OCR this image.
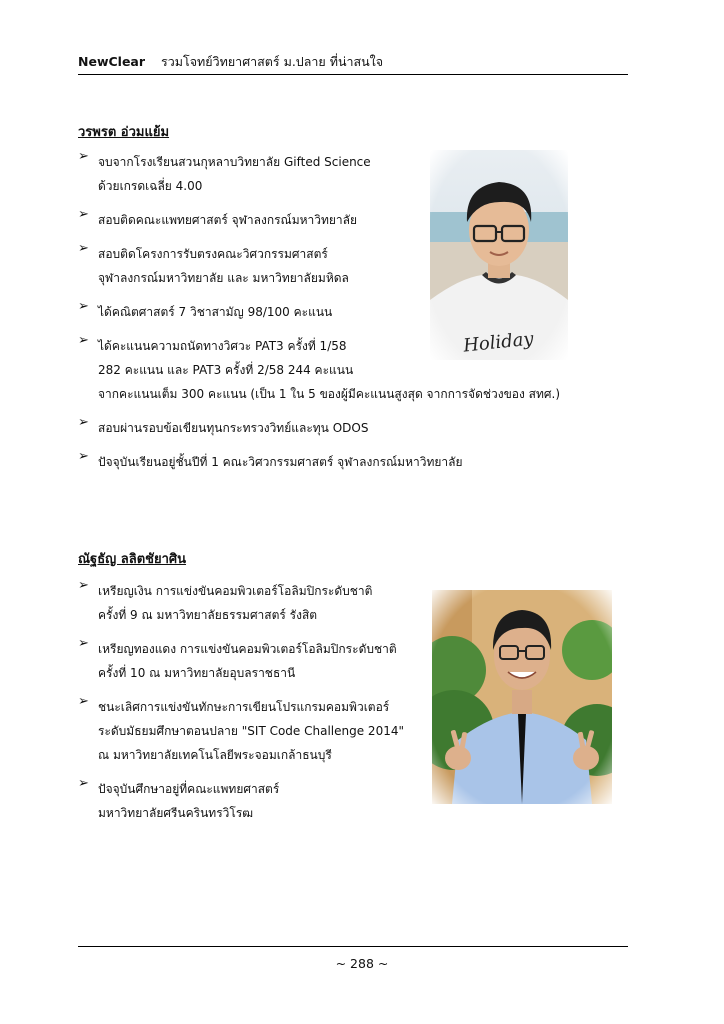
NewClear รวมโจทย์วิทยาศาสตร์ ม.ปลาย ที่น่าสนใจ
วรพรต อ่วมแย้ม
➢ จบจากโรงเรียนสวนกุหลาบวิทยาลัย Gifted Science
ด้วยเกรดเฉลี่ย 4.00
➢ สอบติดคณะแพทยศาสตร์ จุฬาลงกรณ์มหาวิทยาลัย
➢ สอบติดโครงการรับตรงคณะวิศวกรรมศาสตร์
จุฬาลงกรณ์มหาวิทยาลัย และ มหาวิทยาลัยมหิดล
➢ ได้คณิตศาสตร์ 7 วิชาสามัญ 98/100 คะแนน
➢ ได้คะแนนความถนัดทางวิศวะ PAT3 ครั้งที่ 1/58
282 คะแนน และ PAT3 ครั้งที่ 2/58 244 คะแนน
จากคะแนนเต็ม 300 คะแนน (เป็น 1 ใน 5 ของผู้มีคะแนนสูงสุด จากการจัดช่วงของ สทศ.)
➢ สอบผ่านรอบข้อเขียนทุนกระทรวงวิทย์และทุน ODOS
➢ ปัจจุบันเรียนอยู่ชั้นปีที่ 1 คณะวิศวกรรมศาสตร์ จุฬาลงกรณ์มหาวิทยาลัย
ณัฐธัญ ลลิตชัยาศิน
➢ เหรียญเงิน การแข่งขันคอมพิวเตอร์โอลิมปิกระดับชาติ
ครั้งที่ 9 ณ มหาวิทยาลัยธรรมศาสตร์ รังสิต
➢ เหรียญทองแดง การแข่งขันคอมพิวเตอร์โอลิมปิกระดับชาติ
ครั้งที่ 10 ณ มหาวิทยาลัยอุบลราชธานี
➢ ชนะเลิศการแข่งขันทักษะการเขียนโปรแกรมคอมพิวเตอร์
ระดับมัธยมศึกษาตอนปลาย "SIT Code Challenge 2014"
ณ มหาวิทยาลัยเทคโนโลยีพระจอมเกล้าธนบุรี
➢ ปัจจุบันศึกษาอยู่ที่คณะแพทยศาสตร์
มหาวิทยาลัยศรีนครินทรวิโรฒ
~ 288 ~
